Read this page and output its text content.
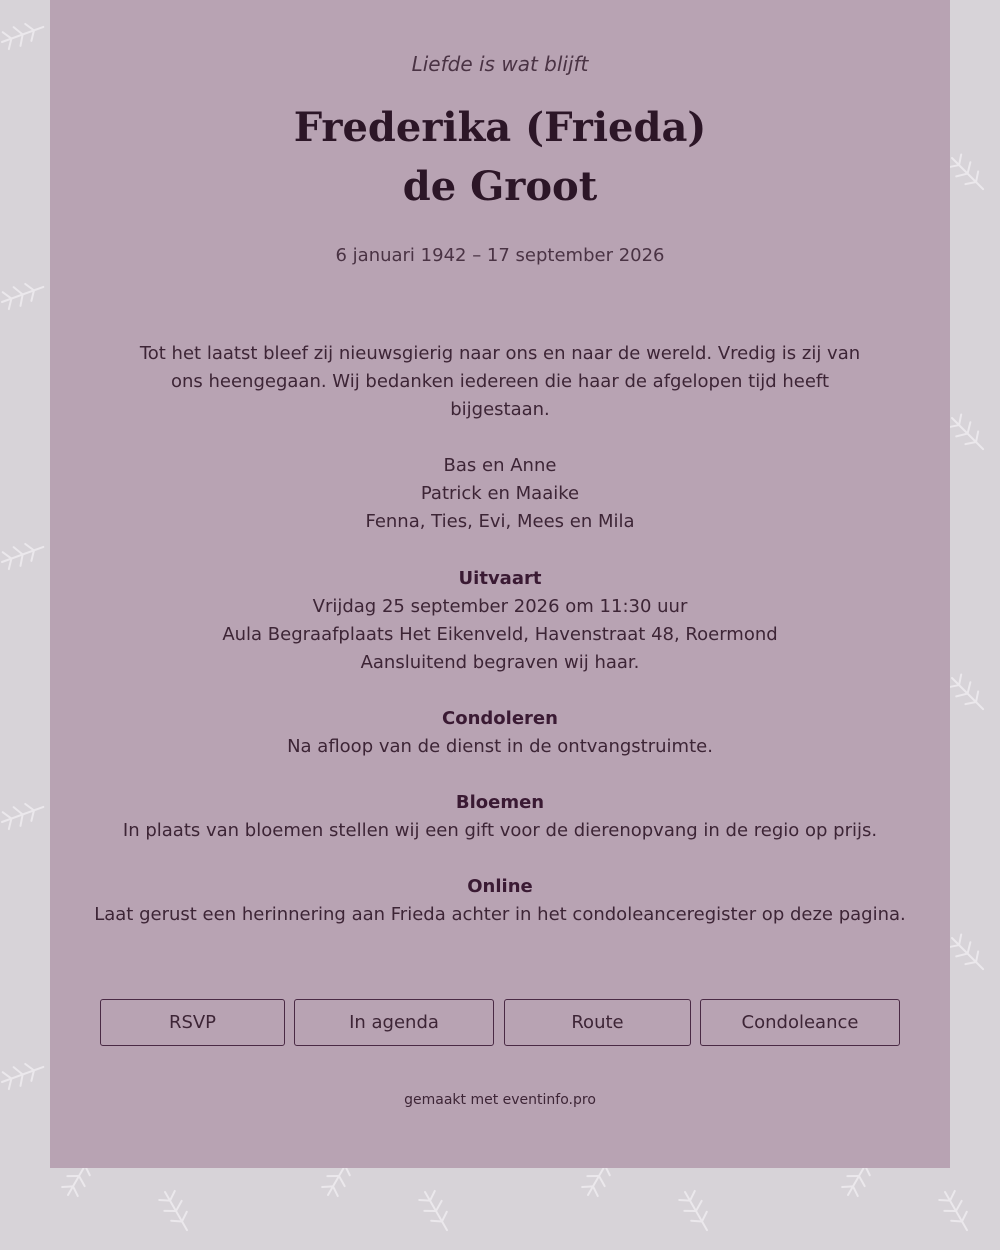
Liefde is wat blijft
Frederika (Frieda)
de Groot
6 januari 1942 – 17 september 2026

Tot het laatst bleef zij nieuwsgierig naar ons en naar de wereld. Vredig is zij van ons heengegaan. Wij bedanken iedereen die haar de afgelopen tijd heeft bijgestaan.

Bas en Anne

Patrick en Maaike

Fenna, Ties, Evi, Mees en Mila

Uitvaart

Vrijdag 25 september 2026 om 11:30 uur

Aula Begraafplaats Het Eikenveld, Havenstraat 48, Roermond

Aansluitend begraven wij haar.

Condoleren

Na afloop van de dienst in de ontvangstruimte.

Bloemen

In plaats van bloemen stellen wij een gift voor de dierenopvang in de regio op prijs.

Online

Laat gerust een herinnering aan Frieda achter in het condoleanceregister op deze pagina.

RSVP	In agenda	Route	Condoleance
gemaakt met eventinfo.pro
